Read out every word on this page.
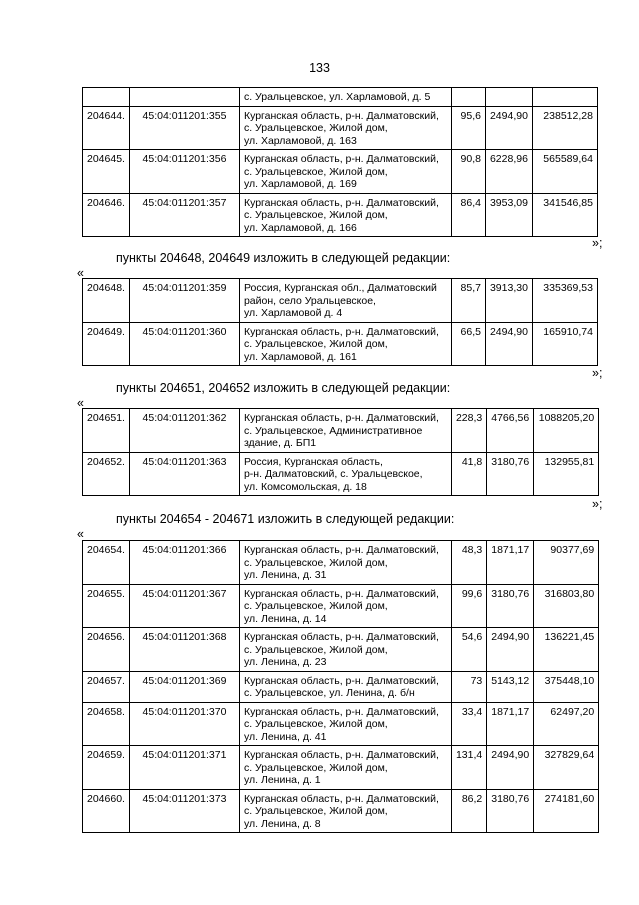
133

		с. Уральцевское, ул. Харламовой, д. 5			

204644.	45:04:011201:355	Курганская область, р-н. Далматовский,
с. Уральцевское, Жилой дом,
ул. Харламовой, д. 163	95,6	2494,90	238512,28
204645.	45:04:011201:356	Курганская область, р-н. Далматовский,
с. Уральцевское, Жилой дом,
ул. Харламовой, д. 169	90,8	6228,96	565589,64
204646.	45:04:011201:357	Курганская область, р-н. Далматовский,
с. Уральцевское, Жилой дом,
ул. Харламовой, д. 166	86,4	3953,09	341546,85
»;
пункты 204648, 204649 изложить в следующей редакции:
«
204648.	45:04:011201:359	Россия, Курганская обл., Далматовский
район, село Уральцевское,
ул. Харламовой д. 4	85,7	3913,30	335369,53
204649.	45:04:011201:360	Курганская область, р-н. Далматовский,
с. Уральцевское, Жилой дом,
ул. Харламовой, д. 161	66,5	2494,90	165910,74
»;
пункты 204651, 204652 изложить в следующей редакции:
«
204651.	45:04:011201:362	Курганская область, р-н. Далматовский,
с. Уральцевское, Административное
здание, д. БП1	228,3	4766,56	1088205,20
204652.	45:04:011201:363	Россия, Курганская область,
р-н. Далматовский, с. Уральцевское,
ул. Комсомольская, д. 18	41,8	3180,76	132955,81
»;
пункты 204654 - 204671 изложить в следующей редакции:
«
204654.	45:04:011201:366	Курганская область, р-н. Далматовский,
с. Уральцевское, Жилой дом,
ул. Ленина, д. 31	48,3	1871,17	90377,69
204655.	45:04:011201:367	Курганская область, р-н. Далматовский,
с. Уральцевское, Жилой дом,
ул. Ленина, д. 14	99,6	3180,76	316803,80
204656.	45:04:011201:368	Курганская область, р-н. Далматовский,
с. Уральцевское, Жилой дом,
ул. Ленина, д. 23	54,6	2494,90	136221,45
204657.	45:04:011201:369	Курганская область, р-н. Далматовский,
с. Уральцевское, ул. Ленина, д. б/н	73	5143,12	375448,10
204658.	45:04:011201:370	Курганская область, р-н. Далматовский,
с. Уральцевское, Жилой дом,
ул. Ленина, д. 41	33,4	1871,17	62497,20
204659.	45:04:011201:371	Курганская область, р-н. Далматовский,
с. Уральцевское, Жилой дом,
ул. Ленина, д. 1	131,4	2494,90	327829,64
204660.	45:04:011201:373	Курганская область, р-н. Далматовский,
с. Уральцевское, Жилой дом,
ул. Ленина, д. 8	86,2	3180,76	274181,60
